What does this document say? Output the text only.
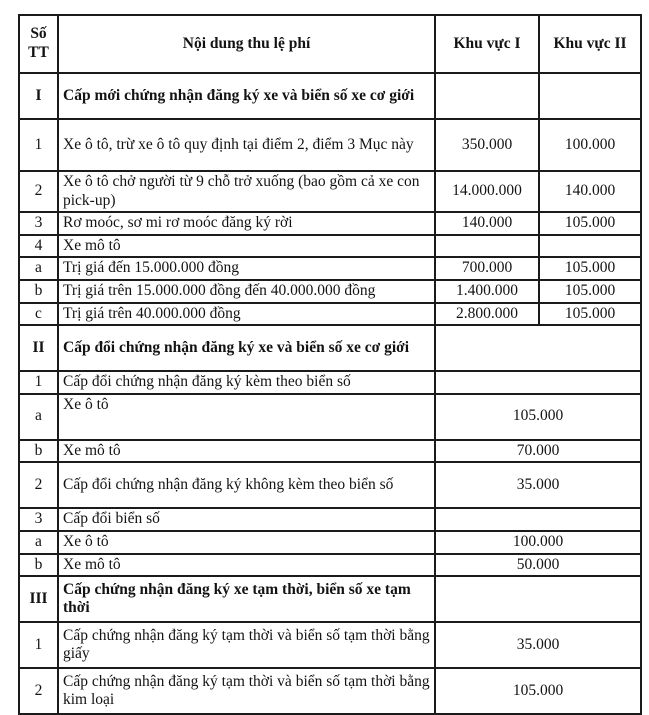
Số TT	Nội dung thu lệ phí	Khu vực I	Khu vực II
I	Cấp mới chứng nhận đăng ký xe và biển số xe cơ giới		
1	Xe ô tô, trừ xe ô tô quy định tại điểm 2, điểm 3 Mục này	350.000	100.000
2	Xe ô tô chở người từ 9 chỗ trở xuống (bao gồm cả xe con pick-up)	14.000.000	140.000
3	Rơ moóc, sơ mi rơ moóc đăng ký rời	140.000	105.000
4	Xe mô tô		
a	Trị giá đến 15.000.000 đồng	700.000	105.000
b	Trị giá trên 15.000.000 đồng đến 40.000.000 đồng	1.400.000	105.000
c	Trị giá trên 40.000.000 đồng	2.800.000	105.000
II	Cấp đổi chứng nhận đăng ký xe và biển số xe cơ giới		
1	Cấp đổi chứng nhận đăng ký kèm theo biển số		
a	Xe ô tô	105.000	
b	Xe mô tô	70.000	
2	Cấp đổi chứng nhận đăng ký không kèm theo biển số	35.000	
3	Cấp đổi biển số		
a	Xe ô tô	100.000	
b	Xe mô tô	50.000	
III	Cấp chứng nhận đăng ký xe tạm thời, biển số xe tạm thời		
1	Cấp chứng nhận đăng ký tạm thời và biển số tạm thời bằng giấy	35.000	
2	Cấp chứng nhận đăng ký tạm thời và biển số tạm thời bằng kim loại	105.000	
